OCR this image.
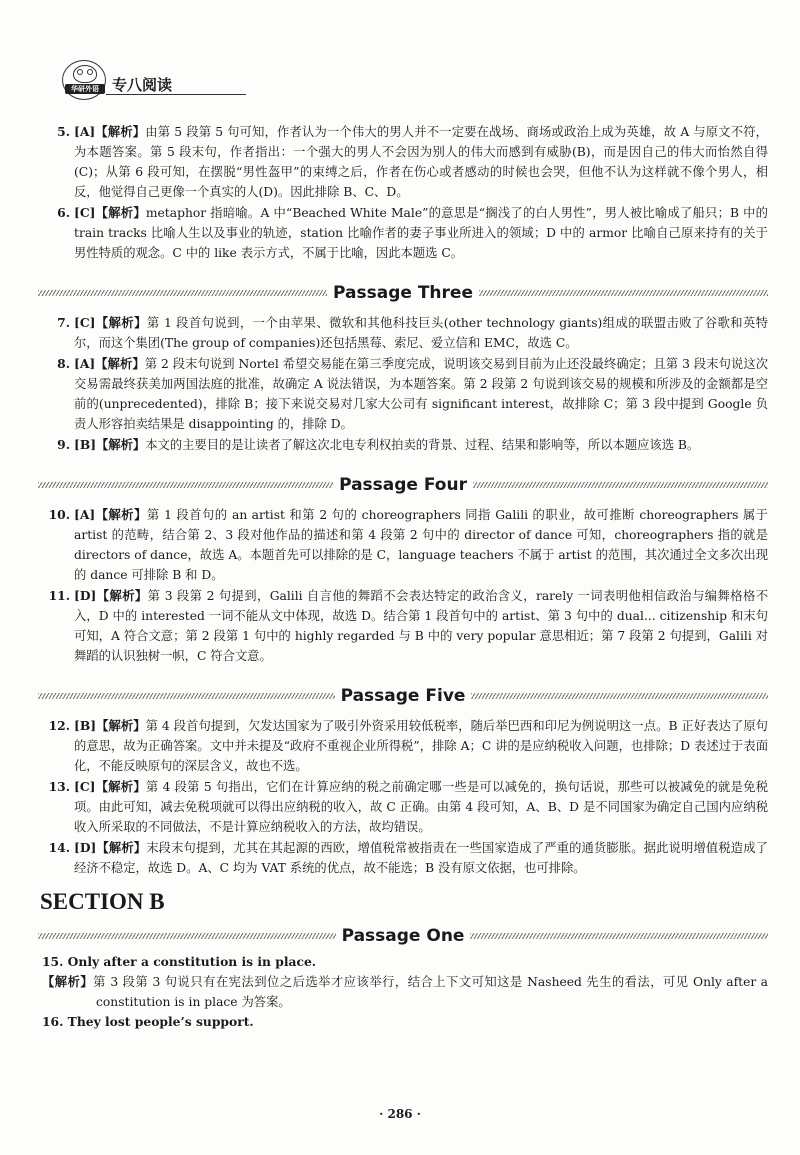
华研外语 专八阅读
5. [A]【解析】由第 5 段第 5 句可知，作者认为一个伟大的男人并不一定要在战场、商场或政治上成为英雄，故 A 与原文不符，为本题答案。第 5 段末句，作者指出：一个强大的男人不会因为别人的伟大而感到有威胁(B)，而是因自己的伟大而怡然自得(C)；从第 6 段可知，在摆脱“男性盔甲”的束缚之后，作者在伤心或者感动的时候也会哭，但他不认为这样就不像个男人，相反，他觉得自己更像一个真实的人(D)。因此排除 B、C、D。
6. [C]【解析】metaphor 指暗喻。A 中“Beached White Male”的意思是“搁浅了的白人男性”，男人被比喻成了船只；B 中的 train tracks 比喻人生以及事业的轨迹，station 比喻作者的妻子事业所进入的领域；D 中的 armor 比喻自己原来持有的关于男性特质的观念。C 中的 like 表示方式，不属于比喻，因此本题选 C。
Passage Three
7. [C]【解析】第 1 段首句说到，一个由苹果、微软和其他科技巨头(other technology giants)组成的联盟击败了谷歌和英特尔，而这个集团(The group of companies)还包括黑莓、索尼、爱立信和 EMC，故选 C。
8. [A]【解析】第 2 段末句说到 Nortel 希望交易能在第三季度完成，说明该交易到目前为止还没最终确定；且第 3 段末句说这次交易需最终获美加两国法庭的批准，故确定 A 说法错误，为本题答案。第 2 段第 2 句说到该交易的规模和所涉及的金额都是空前的(unprecedented)，排除 B；接下来说交易对几家大公司有 significant interest，故排除 C；第 3 段中提到 Google 负责人形容拍卖结果是 disappointing 的，排除 D。
9. [B]【解析】本文的主要目的是让读者了解这次北电专利权拍卖的背景、过程、结果和影响等，所以本题应该选 B。
Passage Four
10. [A]【解析】第 1 段首句的 an artist 和第 2 句的 choreographers 同指 Galili 的职业，故可推断 choreographers 属于 artist 的范畴，结合第 2、3 段对他作品的描述和第 4 段第 2 句中的 director of dance 可知，choreographers 指的就是 directors of dance，故选 A。本题首先可以排除的是 C，language teachers 不属于 artist 的范围，其次通过全文多次出现的 dance 可排除 B 和 D。
11. [D]【解析】第 3 段第 2 句提到，Galili 自言他的舞蹈不会表达特定的政治含义，rarely 一词表明他相信政治与编舞格格不入，D 中的 interested 一词不能从文中体现，故选 D。结合第 1 段首句中的 artist、第 3 句中的 dual... citizenship 和末句可知，A 符合文意；第 2 段第 1 句中的 highly regarded 与 B 中的 very popular 意思相近；第 7 段第 2 句提到，Galili 对舞蹈的认识独树一帜，C 符合文意。
Passage Five
12. [B]【解析】第 4 段首句提到，欠发达国家为了吸引外资采用较低税率，随后举巴西和印尼为例说明这一点。B 正好表达了原句的意思，故为正确答案。文中并未提及“政府不重视企业所得税”，排除 A；C 讲的是应纳税收入问题，也排除；D 表述过于表面化，不能反映原句的深层含义，故也不选。
13. [C]【解析】第 4 段第 5 句指出，它们在计算应纳的税之前确定哪一些是可以减免的，换句话说，那些可以被减免的就是免税项。由此可知，减去免税项就可以得出应纳税的收入，故 C 正确。由第 4 段可知，A、B、D 是不同国家为确定自己国内应纳税收入所采取的不同做法，不是计算应纳税收入的方法，故均错误。
14. [D]【解析】末段末句提到，尤其在其起源的西欧，增值税常被指责在一些国家造成了严重的通货膨胀。据此说明增值税造成了经济不稳定，故选 D。A、C 均为 VAT 系统的优点，故不能选；B 没有原文依据，也可排除。
SECTION B
Passage One
15. Only after a constitution is in place.
【解析】第 3 段第 3 句说只有在宪法到位之后选举才应该举行，结合上下文可知这是 Nasheed 先生的看法，可见 Only after a constitution is in place 为答案。
16. They lost people’s support.
· 286 ·
